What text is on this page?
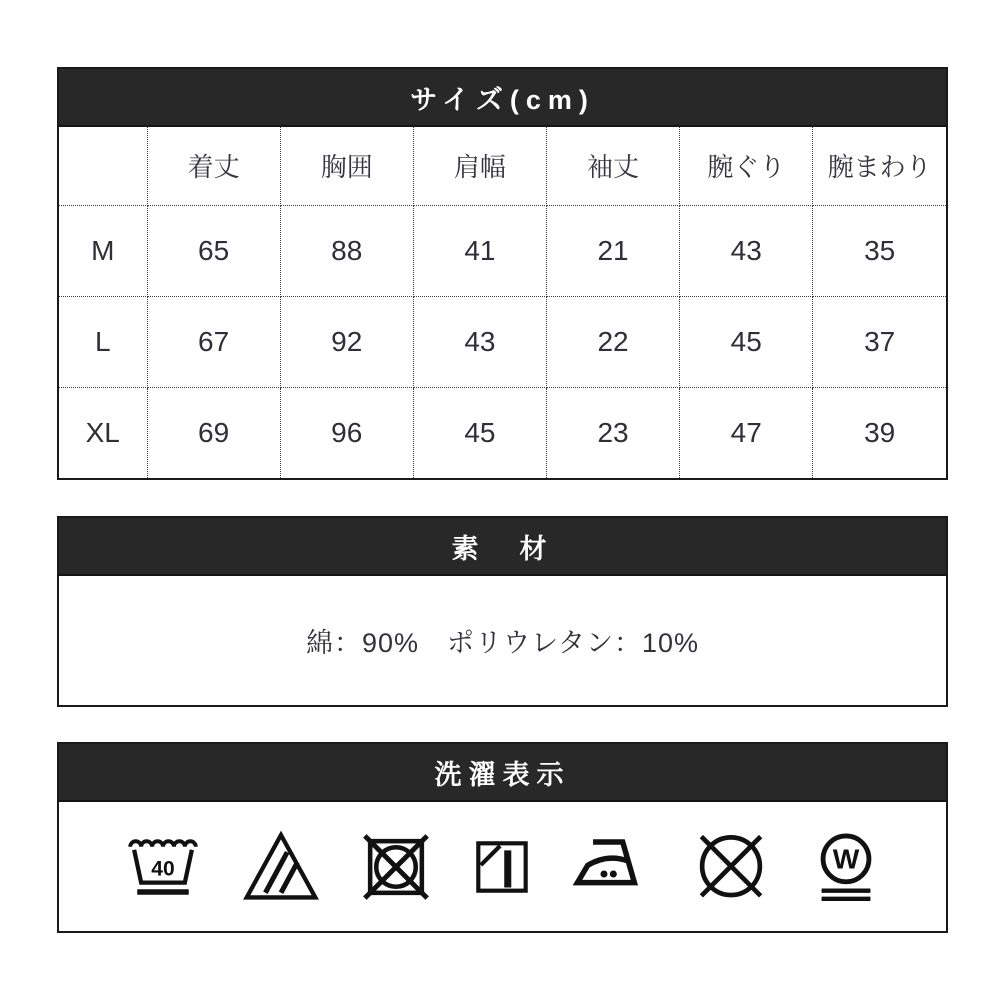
サイズ(cm)
	着丈	胸囲	肩幅	袖丈	腕ぐり	腕まわり
M	65	88	41	21	43	35
L	67	92	43	22	45	37
XL	69	96	45	23	47	39
素　材
綿：90%　ポリウレタン：10%
洗濯表示
40	W
